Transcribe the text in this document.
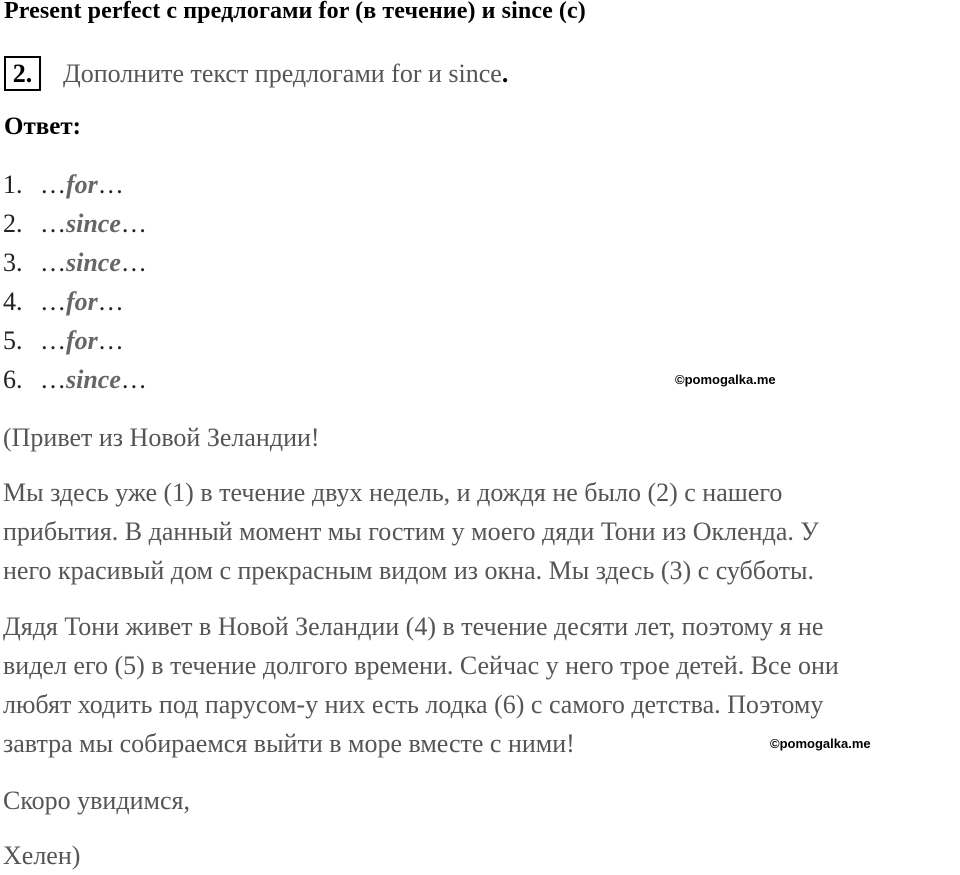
Present perfect с предлогами for (в течение) и since (с)
2.	Дополните текст предлогами for и since.
Ответ:
1. …for…
2. …since…
3. …since…
4. …for…
5. …for…
6. …since…	©pomogalka.me

(Привет из Новой Зеландии!

Мы здесь уже (1) в течение двух недель, и дождя не было (2) с нашего
прибытия. В данный момент мы гостим у моего дяди Тони из Окленда. У
него красивый дом с прекрасным видом из окна. Мы здесь (3) с субботы.

Дядя Тони живет в Новой Зеландии (4) в течение десяти лет, поэтому я не
видел его (5) в течение долгого времени. Сейчас у него трое детей. Все они
любят ходить под парусом-у них есть лодка (6) с самого детства. Поэтому
завтра мы собираемся выйти в море вместе с ними!	©pomogalka.me

Скоро увидимся,

Хелен)
